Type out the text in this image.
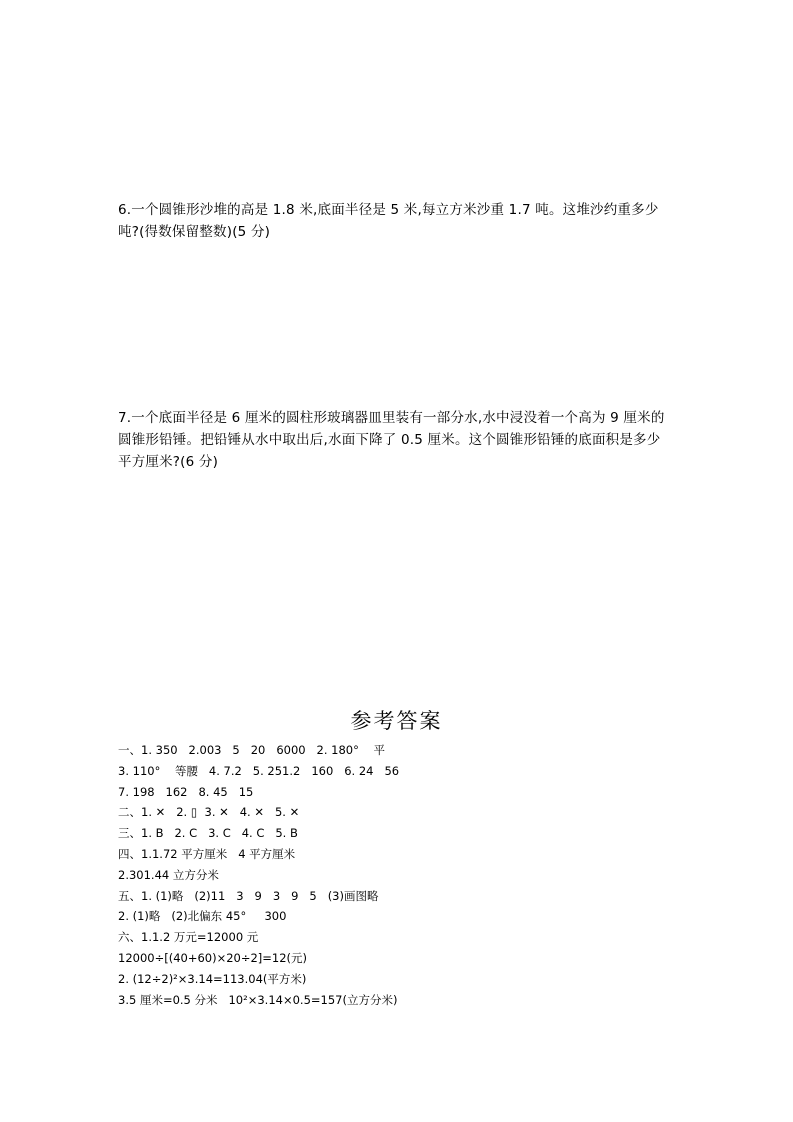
6.一个圆锥形沙堆的高是 1.8 米,底面半径是 5 米,每立方米沙重 1.7 吨。这堆沙约重多少

吨?(得数保留整数)(5 分)

7.一个底面半径是 6 厘米的圆柱形玻璃器皿里装有一部分水,水中浸没着一个高为 9 厘米的

圆锥形铅锤。把铅锤从水中取出后,水面下降了 0.5 厘米。这个圆锥形铅锤的底面积是多少

平方厘米?(6 分)

参考答案
一、1. 350   2.003   5   20   6000   2. 180°    平
3. 110°    等腰   4. 7.2   5. 251.2   160   6. 24   56
7. 198   162   8. 45   15
二、1. ✕   2. ▯  3. ✕   4. ✕   5. ✕
三、1. B   2. C   3. C   4. C   5. B
四、1.1.72 平方厘米   4 平方厘米
2.301.44 立方分米
五、1. (1)略   (2)11   3   9   3   9   5   (3)画图略
2. (1)略   (2)北偏东 45°     300
六、1.1.2 万元=12000 元
12000÷[(40+60)×20÷2]=12(元)
2. (12÷2)²×3.14=113.04(平方米)
3.5 厘米=0.5 分米   10²×3.14×0.5=157(立方分米)
